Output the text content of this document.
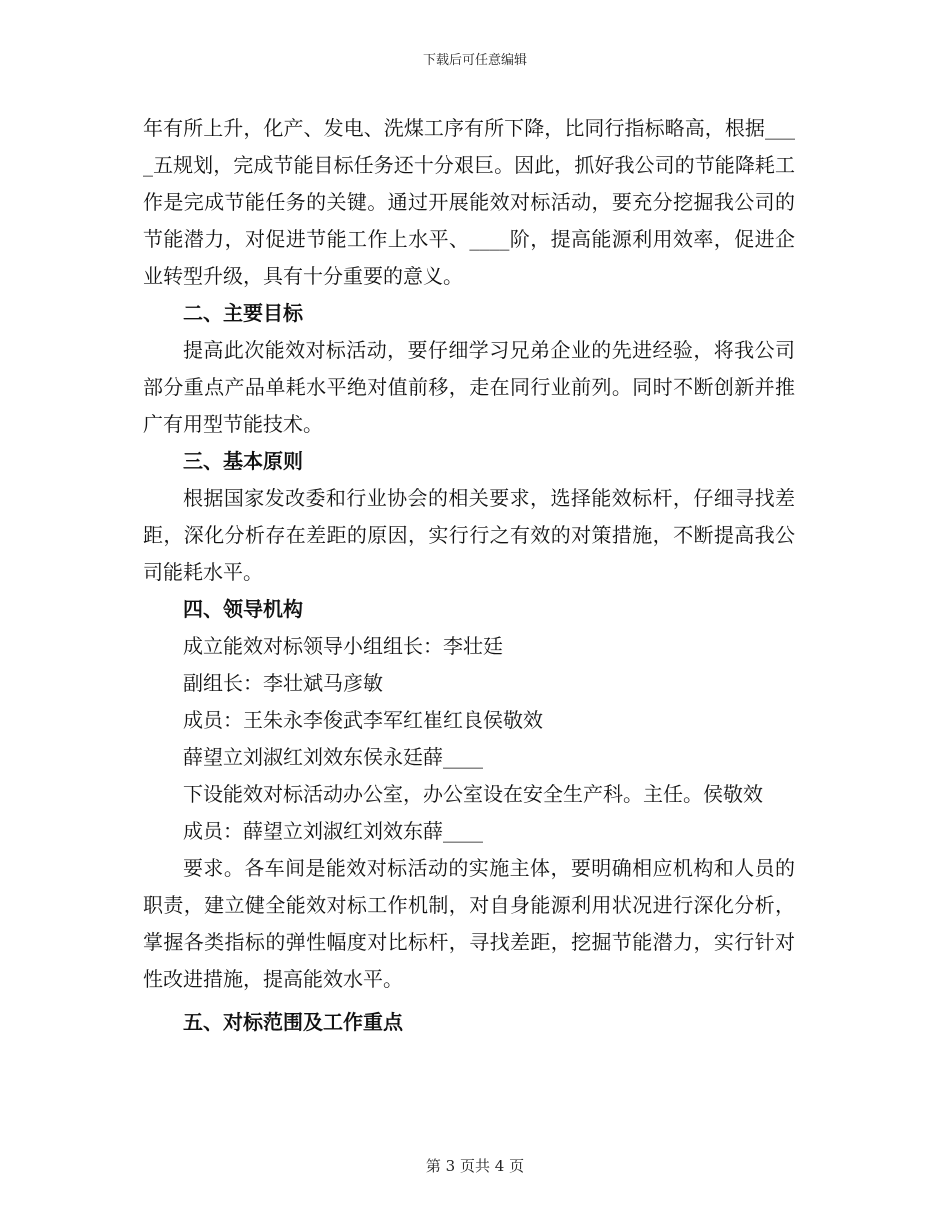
下载后可任意编辑

年有所上升，化产、发电、洗煤工序有所下降，比同行指标略高，根据____五规划，完成节能目标任务还十分艰巨。因此，抓好我公司的节能降耗工作是完成节能任务的关键。通过开展能效对标活动，要充分挖掘我公司的节能潜力，对促进节能工作上水平、____阶，提高能源利用效率，促进企业转型升级，具有十分重要的意义。

二、主要目标

提高此次能效对标活动，要仔细学习兄弟企业的先进经验，将我公司部分重点产品单耗水平绝对值前移，走在同行业前列。同时不断创新并推广有用型节能技术。

三、基本原则

根据国家发改委和行业协会的相关要求，选择能效标杆，仔细寻找差距，深化分析存在差距的原因，实行行之有效的对策措施，不断提高我公司能耗水平。

四、领导机构

成立能效对标领导小组组长：李壮廷

副组长：李壮斌马彦敏

成员：王朱永李俊武李军红崔红良侯敬效

薛望立刘淑红刘效东侯永廷薛____

下设能效对标活动办公室，办公室设在安全生产科。主任。侯敬效

成员：薛望立刘淑红刘效东薛____

要求。各车间是能效对标活动的实施主体，要明确相应机构和人员的职责，建立健全能效对标工作机制，对自身能源利用状况进行深化分析，掌握各类指标的弹性幅度对比标杆，寻找差距，挖掘节能潜力，实行针对性改进措施，提高能效水平。

五、对标范围及工作重点

第 3 页共 4 页
